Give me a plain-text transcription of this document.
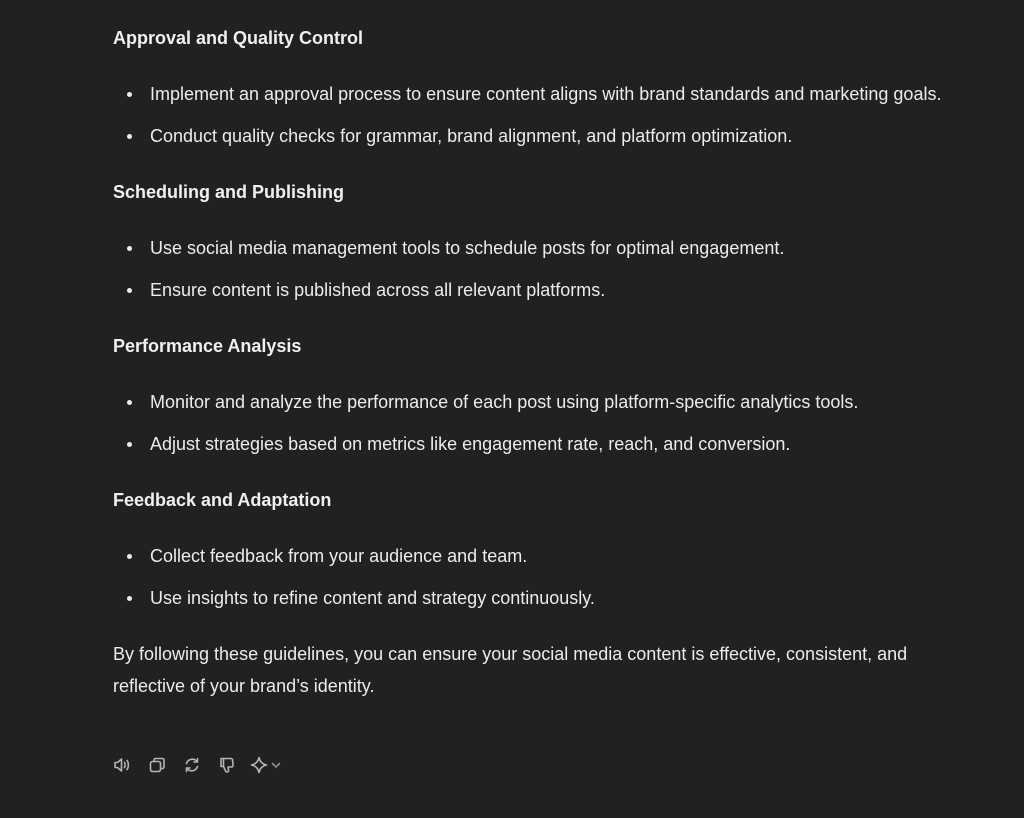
Approval and Quality Control
Implement an approval process to ensure content aligns with brand standards and marketing goals.
Conduct quality checks for grammar, brand alignment, and platform optimization.
Scheduling and Publishing
Use social media management tools to schedule posts for optimal engagement.
Ensure content is published across all relevant platforms.
Performance Analysis
Monitor and analyze the performance of each post using platform-specific analytics tools.
Adjust strategies based on metrics like engagement rate, reach, and conversion.
Feedback and Adaptation
Collect feedback from your audience and team.
Use insights to refine content and strategy continuously.

By following these guidelines, you can ensure your social media content is effective, consistent, and reflective of your brand’s identity.
